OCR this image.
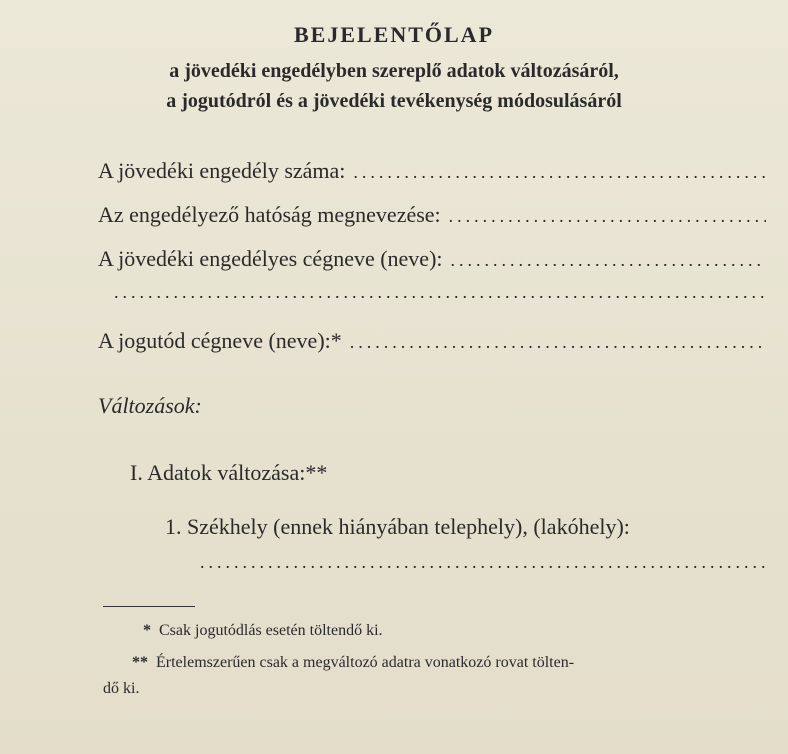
BEJELENTŐLAP
a jövedéki engedélyben szereplő adatok változásáról,
a jogutódról és a jövedéki tevékenység módosulásáról
A jövedéki engedély száma:
.....
Az engedélyező hatóság megnevezése:
.....
A jövedéki engedélyes cégneve (neve):
.....
.....
A jogutód cégneve (neve):*
.....
Változások:
I. Adatok változása:**
1. Székhely (ennek hiányában telephely), (lakóhely):
.....
* Csak jogutódlás esetén töltendő ki.
** Értelemszerűen csak a megváltozó adatra vonatkozó rovat tölten-
dő ki.
